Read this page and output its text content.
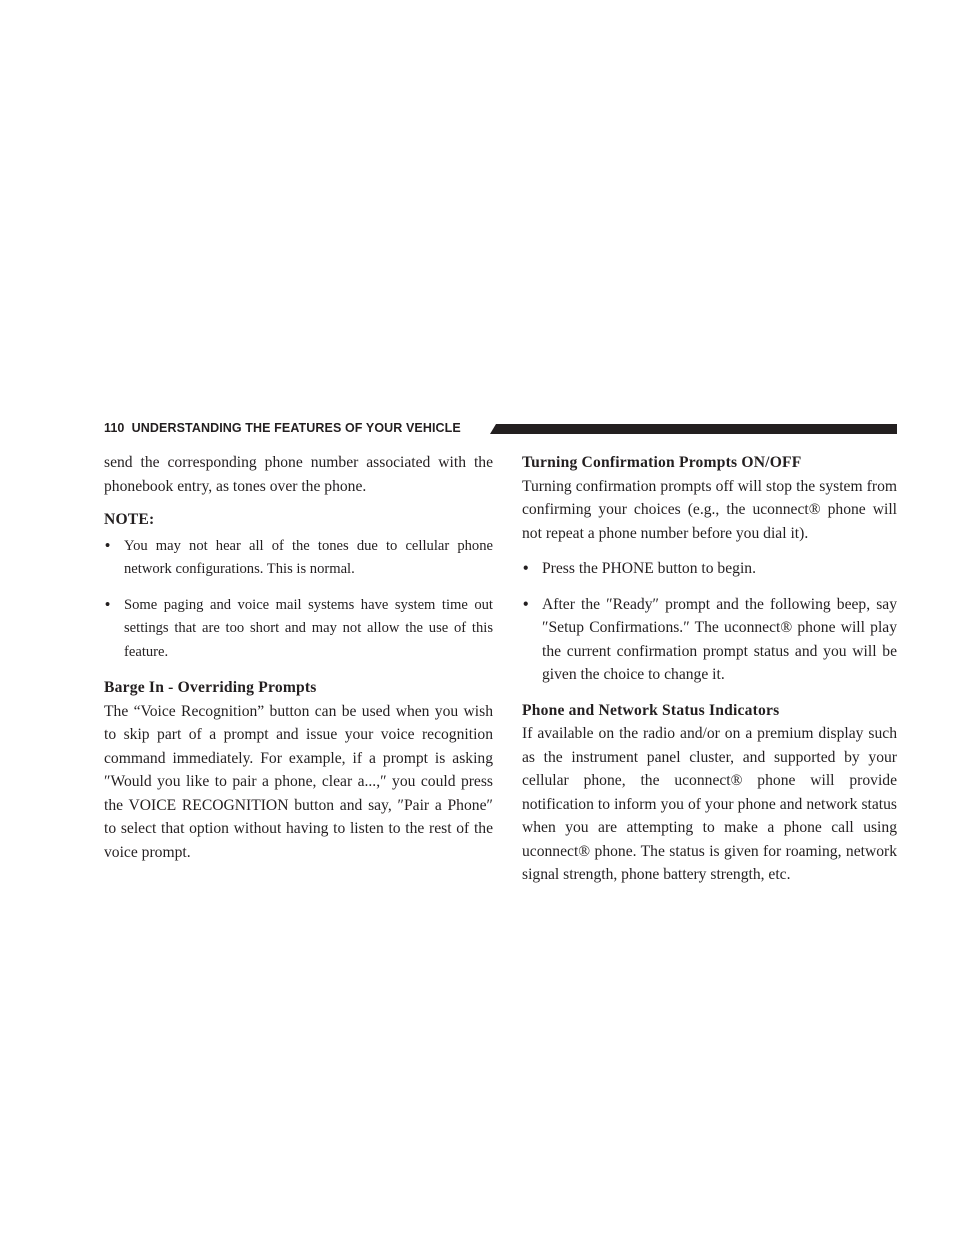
110 UNDERSTANDING THE FEATURES OF YOUR VEHICLE

send the corresponding phone number associated with the phonebook entry, as tones over the phone.

NOTE:

• You may not hear all of the tones due to cellular phone network configurations. This is normal.
• Some paging and voice mail systems have system time out settings that are too short and may not allow the use of this feature.

Barge In - Overriding Prompts

The “Voice Recognition” button can be used when you wish to skip part of a prompt and issue your voice recognition command immediately. For example, if a prompt is asking ″Would you like to pair a phone, clear a...,″ you could press the VOICE RECOGNITION button and say, ″Pair a Phone″ to select that option without having to listen to the rest of the voice prompt.

Turning Confirmation Prompts ON/OFF

Turning confirmation prompts off will stop the system from confirming your choices (e.g., the uconnect® phone will not repeat a phone number before you dial it).

• Press the PHONE button to begin.
• After the ″Ready″ prompt and the following beep, say ″Setup Confirmations.″ The uconnect® phone will play the current confirmation prompt status and you will be given the choice to change it.

Phone and Network Status Indicators

If available on the radio and/or on a premium display such as the instrument panel cluster, and supported by your cellular phone, the uconnect® phone will provide notification to inform you of your phone and network status when you are attempting to make a phone call using uconnect® phone. The status is given for roaming, network signal strength, phone battery strength, etc.
